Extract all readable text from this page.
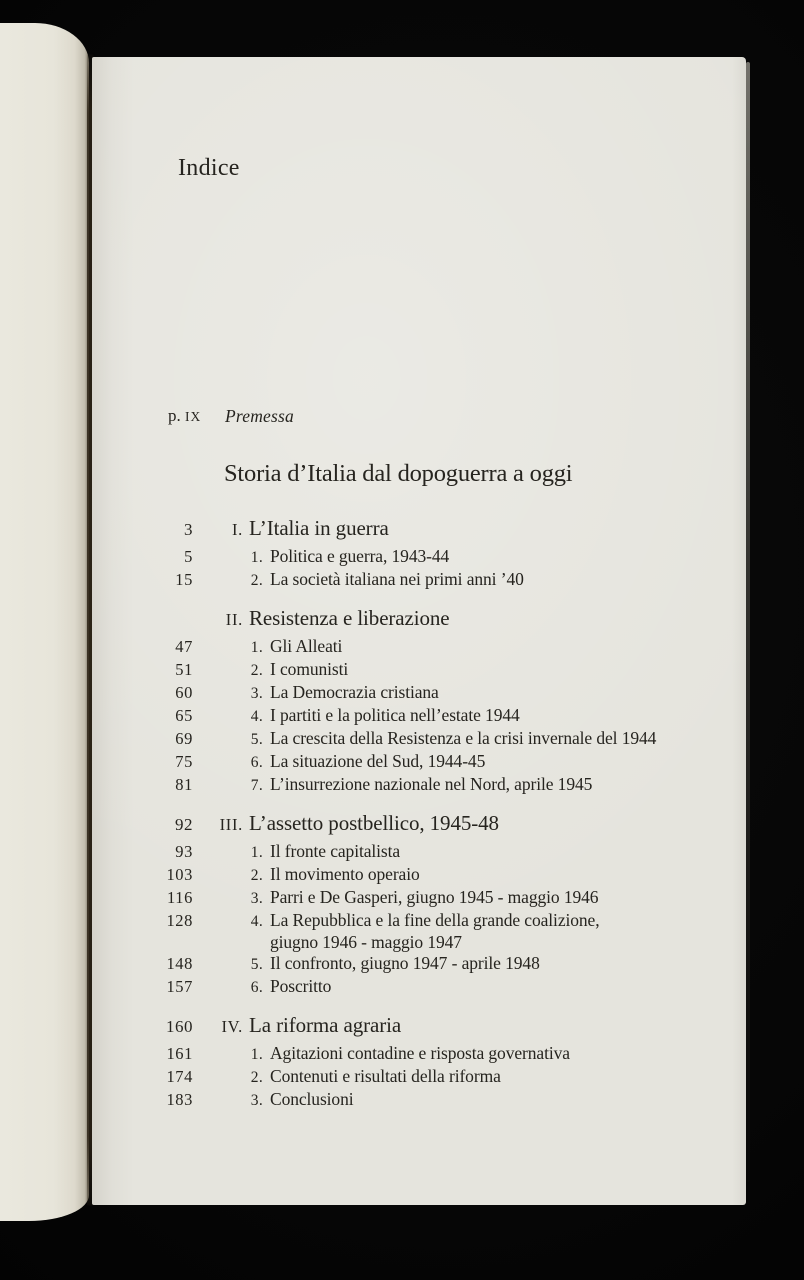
Indice
p. IX Premessa
Storia d’Italia dal dopoguerra a oggi
3	I. L’Italia in guerra
5	1. Politica e guerra, 1943-44
15	2. La società italiana nei primi anni ’40
II. Resistenza e liberazione
47	1. Gli Alleati
51	2. I comunisti
60	3. La Democrazia cristiana
65	4. I partiti e la politica nell’estate 1944
69	5. La crescita della Resistenza e la crisi invernale del 1944
75	6. La situazione del Sud, 1944-45
81	7. L’insurrezione nazionale nel Nord, aprile 1945
92	III. L’assetto postbellico, 1945-48
93	1. Il fronte capitalista
103	2. Il movimento operaio
116	3. Parri e De Gasperi, giugno 1945 - maggio 1946
128	4. La Repubblica e la fine della grande coalizione,
giugno 1946 - maggio 1947
148	5. Il confronto, giugno 1947 - aprile 1948
157	6. Poscritto
160	IV. La riforma agraria
161	1. Agitazioni contadine e risposta governativa
174	2. Contenuti e risultati della riforma
183	3. Conclusioni
